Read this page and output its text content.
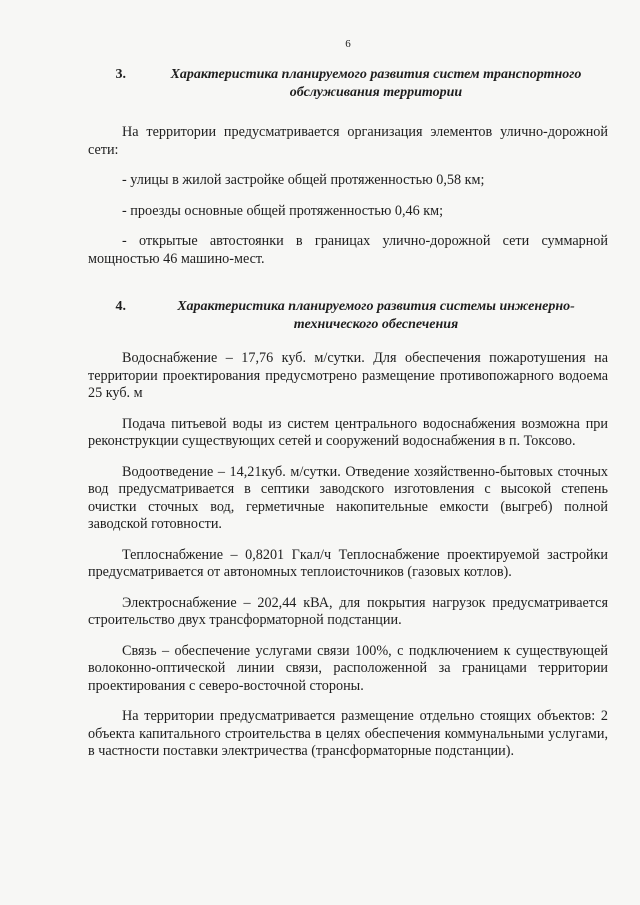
6
3.	Характеристика планируемого развития систем транспортного обслуживания территории

На территории предусматривается организация элементов улично-дорожной сети:

- улицы в жилой застройке общей протяженностью 0,58 км;

- проезды основные общей протяженностью 0,46 км;

- открытые автостоянки в границах улично-дорожной сети суммарной мощностью 46 машино-мест.

4.	Характеристика планируемого развития системы инженерно-технического обеспечения

Водоснабжение – 17,76 куб. м/сутки. Для обеспечения пожаротушения на территории проектирования предусмотрено размещение противопожарного водоема 25 куб. м

Подача питьевой воды из систем центрального водоснабжения возможна при реконструкции существующих сетей и сооружений водоснабжения в п. Токсово.

Водоотведение – 14,21куб. м/сутки. Отведение хозяйственно-бытовых сточных вод предусматривается в септики заводского изготовления с высокой степень очистки сточных вод, герметичные накопительные емкости (выгреб) полной заводской готовности.

Теплоснабжение – 0,8201 Гкал/ч Теплоснабжение проектируемой застройки предусматривается от автономных теплоисточников (газовых котлов).

Электроснабжение – 202,44 кВА, для покрытия нагрузок предусматривается строительство двух трансформаторной подстанции.

Связь – обеспечение услугами связи 100%, с подключением к существующей волоконно-оптической линии связи, расположенной за границами территории проектирования с северо-восточной стороны.

На территории предусматривается размещение отдельно стоящих объектов: 2 объекта капитального строительства в целях обеспечения коммунальными услугами, в частности поставки электричества (трансформаторные подстанции).
